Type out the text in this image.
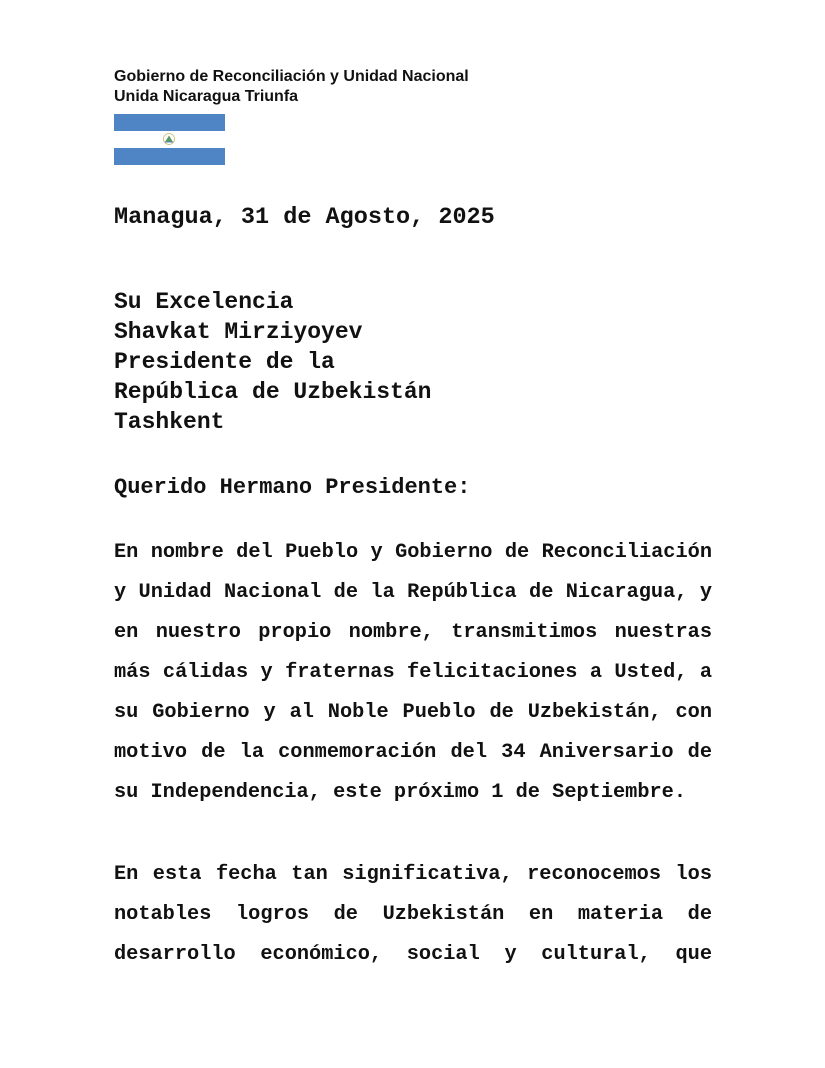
Gobierno de Reconciliación y Unidad Nacional
Unida Nicaragua Triunfa
Managua, 31 de Agosto, 2025
Su Excelencia
Shavkat Mirziyoyev
Presidente de la
República de Uzbekistán
Tashkent
Querido Hermano Presidente:
En nombre del Pueblo y Gobierno de Reconciliación y Unidad Nacional de la República de Nicaragua, y en nuestro propio nombre, transmitimos nuestras más cálidas y fraternas felicitaciones a Usted, a su Gobierno y al Noble Pueblo de Uzbekistán, con motivo de la conmemoración del 34 Aniversario de su Independencia, este próximo 1 de Septiembre.
En esta fecha tan significativa, reconocemos los notables logros de Uzbekistán en materia de desarrollo económico, social y cultural, que
